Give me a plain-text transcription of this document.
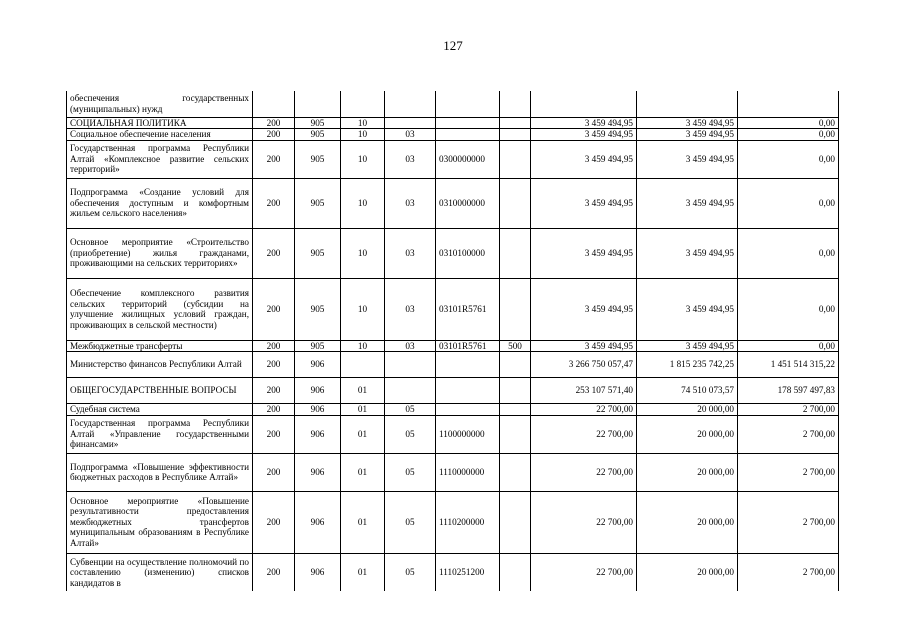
127
обеспечения государственных (муниципальных) нужд									
СОЦИАЛЬНАЯ ПОЛИТИКА	200	905	10				3 459 494,95	3 459 494,95	0,00
Социальное обеспечение населения	200	905	10	03			3 459 494,95	3 459 494,95	0,00
Государственная программа Республики Алтай «Комплексное развитие сельских территорий»	200	905	10	03	0300000000		3 459 494,95	3 459 494,95	0,00
Подпрограмма «Создание условий для обеспечения доступным и комфортным жильем сельского населения»	200	905	10	03	0310000000		3 459 494,95	3 459 494,95	0,00
Основное мероприятие «Строительство (приобретение) жилья гражданами, проживающими на сельских территориях»	200	905	10	03	0310100000		3 459 494,95	3 459 494,95	0,00
Обеспечение комплексного развития сельских территорий (субсидии на улучшение жилищных условий граждан, проживающих в сельской местности)	200	905	10	03	03101R5761		3 459 494,95	3 459 494,95	0,00
Межбюджетные трансферты	200	905	10	03	03101R5761	500	3 459 494,95	3 459 494,95	0,00
Министерство финансов Республики Алтай	200	906					3 266 750 057,47	1 815 235 742,25	1 451 514 315,22
ОБЩЕГОСУДАРСТВЕННЫЕ ВОПРОСЫ	200	906	01				253 107 571,40	74 510 073,57	178 597 497,83
Судебная система	200	906	01	05			22 700,00	20 000,00	2 700,00
Государственная программа Республики Алтай «Управление государственными финансами»	200	906	01	05	1100000000		22 700,00	20 000,00	2 700,00
Подпрограмма «Повышение эффективности бюджетных расходов в Республике Алтай»	200	906	01	05	1110000000		22 700,00	20 000,00	2 700,00
Основное мероприятие «Повышение результативности предоставления межбюджетных трансфертов муниципальным образованиям в Республике Алтай»	200	906	01	05	1110200000		22 700,00	20 000,00	2 700,00
Субвенции на осуществление полномочий по составлению (изменению) списков кандидатов в	200	906	01	05	1110251200		22 700,00	20 000,00	2 700,00
